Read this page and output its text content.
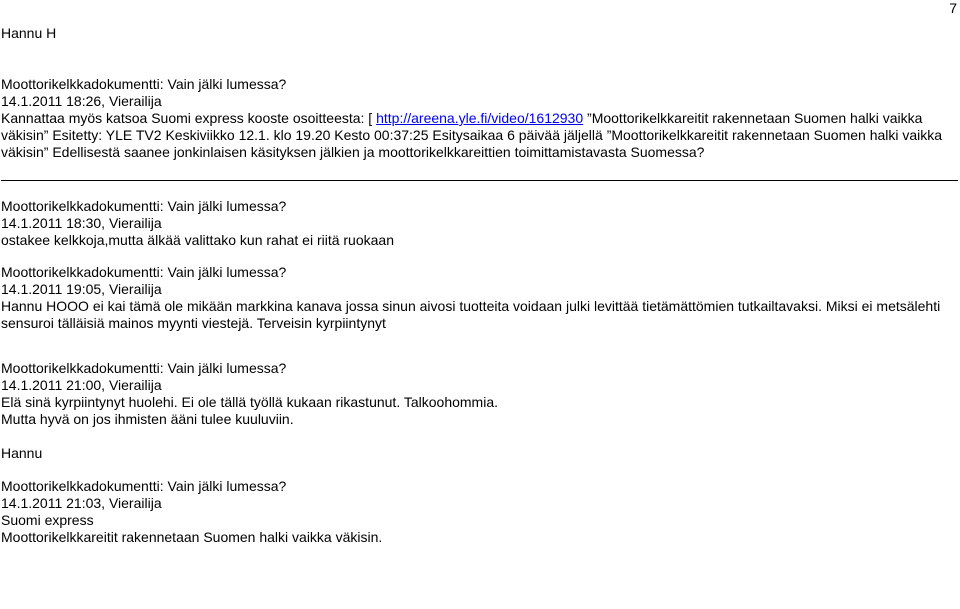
7
Hannu H

Moottorikelkkadokumentti: Vain jälki lumessa?

14.1.2011 18:26, Vierailija

Kannattaa myös katsoa Suomi express kooste osoitteesta: [ http://areena.yle.fi/video/1612930 ”Moottorikelkkareitit rakennetaan Suomen halki vaikka väkisin” Esitetty: YLE TV2 Keskiviikko 12.1. klo 19.20 Kesto 00:37:25 Esitysaikaa 6 päivää jäljellä ”Moottorikelkkareitit rakennetaan Suomen halki vaikka väkisin” Edellisestä saanee jonkinlaisen käsityksen jälkien ja moottorikelkkareittien toimittamistavasta Suomessa?

Moottorikelkkadokumentti: Vain jälki lumessa?

14.1.2011 18:30, Vierailija

ostakee kelkkoja,mutta älkää valittako kun rahat ei riitä ruokaan

Moottorikelkkadokumentti: Vain jälki lumessa?

14.1.2011 19:05, Vierailija

Hannu HOOO ei kai tämä ole mikään markkina kanava jossa sinun aivosi tuotteita voidaan julki levittää tietämättömien tutkailtavaksi. Miksi ei metsälehti sensuroi tälläisiä mainos myynti viestejä. Terveisin kyrpiintynyt

Moottorikelkkadokumentti: Vain jälki lumessa?

14.1.2011 21:00, Vierailija

Elä sinä kyrpiintynyt huolehi. Ei ole tällä työllä kukaan rikastunut. Talkoohommia.

Mutta hyvä on jos ihmisten ääni tulee kuuluviin.

Hannu

Moottorikelkkadokumentti: Vain jälki lumessa?

14.1.2011 21:03, Vierailija

Suomi express

Moottorikelkkareitit rakennetaan Suomen halki vaikka väkisin.
